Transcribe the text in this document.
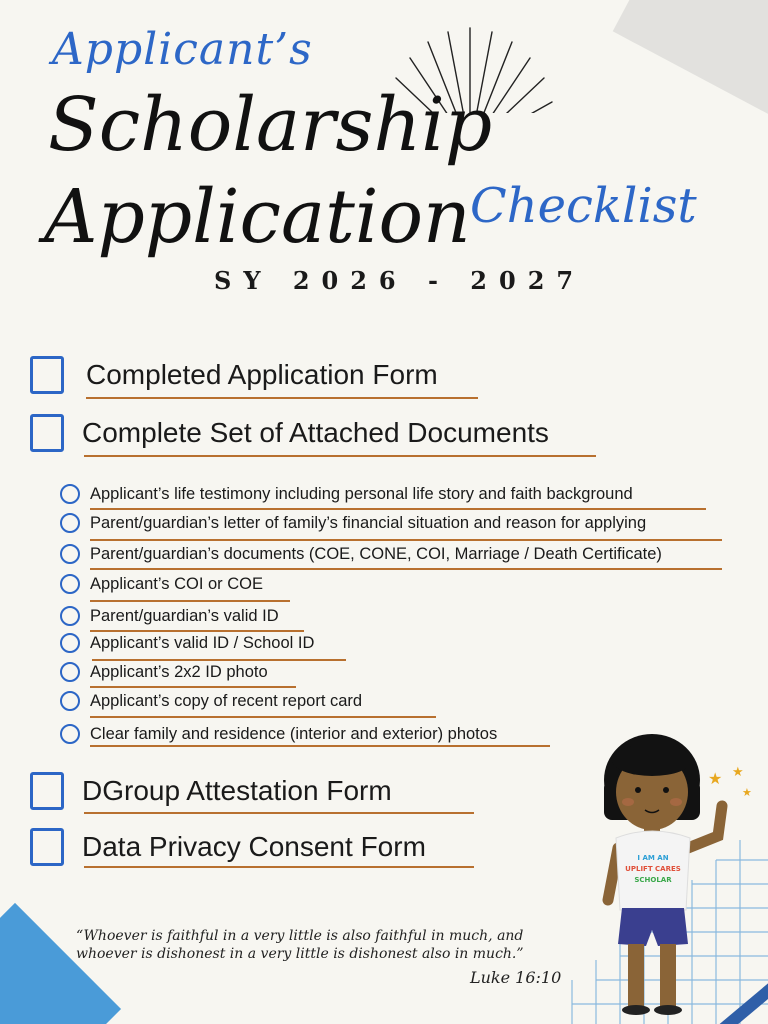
Applicant’s
Scholarship
Application Checklist
SY 2026 - 2027
Completed Application Form
Complete Set of Attached Documents
Applicant’s life testimony including personal life story and faith background
Parent/guardian’s letter of family’s financial situation and reason for applying
Parent/guardian’s documents (COE, CONE, COI, Marriage / Death Certificate)
Applicant’s COI or COE
Parent/guardian’s valid ID
Applicant’s valid ID / School ID
Applicant’s 2x2 ID photo
Applicant’s copy of recent report card
Clear family and residence (interior and exterior) photos
DGroup Attestation Form
Data Privacy Consent Form
★ ★
★
I AM AN
UPLIFT CARES
SCHOLAR
“Whoever is faithful in a very little is also faithful in much, and whoever is dishonest in a very little is dishonest also in much.”
Luke 16:10
